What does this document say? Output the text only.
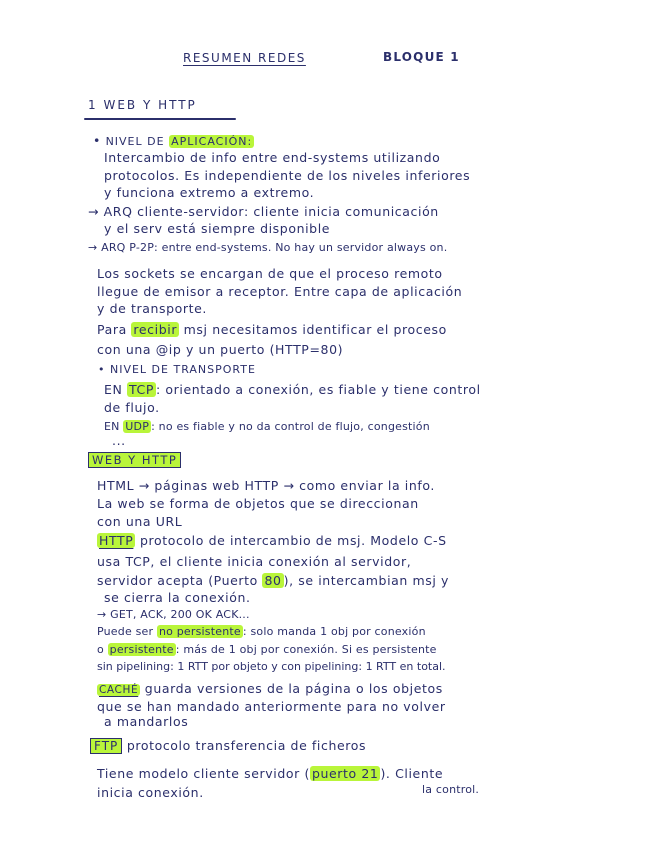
RESUMEN REDES	BLOQUE 1
1 WEB Y HTTP
• NIVEL DE APLICACIÓN:
Intercambio de info entre end-systems utilizando
protocolos. Es independiente de los niveles inferiores
y funciona extremo a extremo.
→ ARQ cliente-servidor: cliente inicia comunicación
y el serv está siempre disponible
→ ARQ P-2P: entre end-systems. No hay un servidor always on.
Los sockets se encargan de que el proceso remoto
llegue de emisor a receptor. Entre capa de aplicación
y de transporte.
Para recibir msj necesitamos identificar el proceso
con una @ip y un puerto (HTTP=80)
• NIVEL DE TRANSPORTE
EN TCP : orientado a conexión, es fiable y tiene control
de flujo.
EN UDP : no es fiable y no da control de flujo, congestión
...
WEB Y HTTP
HTML → páginas web HTTP → como enviar la info.
La web se forma de objetos que se direccionan
con una URL
HTTP protocolo de intercambio de msj. Modelo C-S
usa TCP, el cliente inicia conexión al servidor,
servidor acepta (Puerto 80 ), se intercambian msj y
se cierra la conexión.
→ GET, ACK, 200 OK ACK...
Puede ser no persistente : solo manda 1 obj por conexión
o persistente : más de 1 obj por conexión. Si es persistente
sin pipelining: 1 RTT por objeto y con pipelining: 1 RTT en total.
CACHÉ guarda versiones de la página o los objetos
que se han mandado anteriormente para no volver
a mandarlos
FTP protocolo transferencia de ficheros
Tiene modelo cliente servidor ( puerto 21 ). Cliente
inicia conexión.	la control.
